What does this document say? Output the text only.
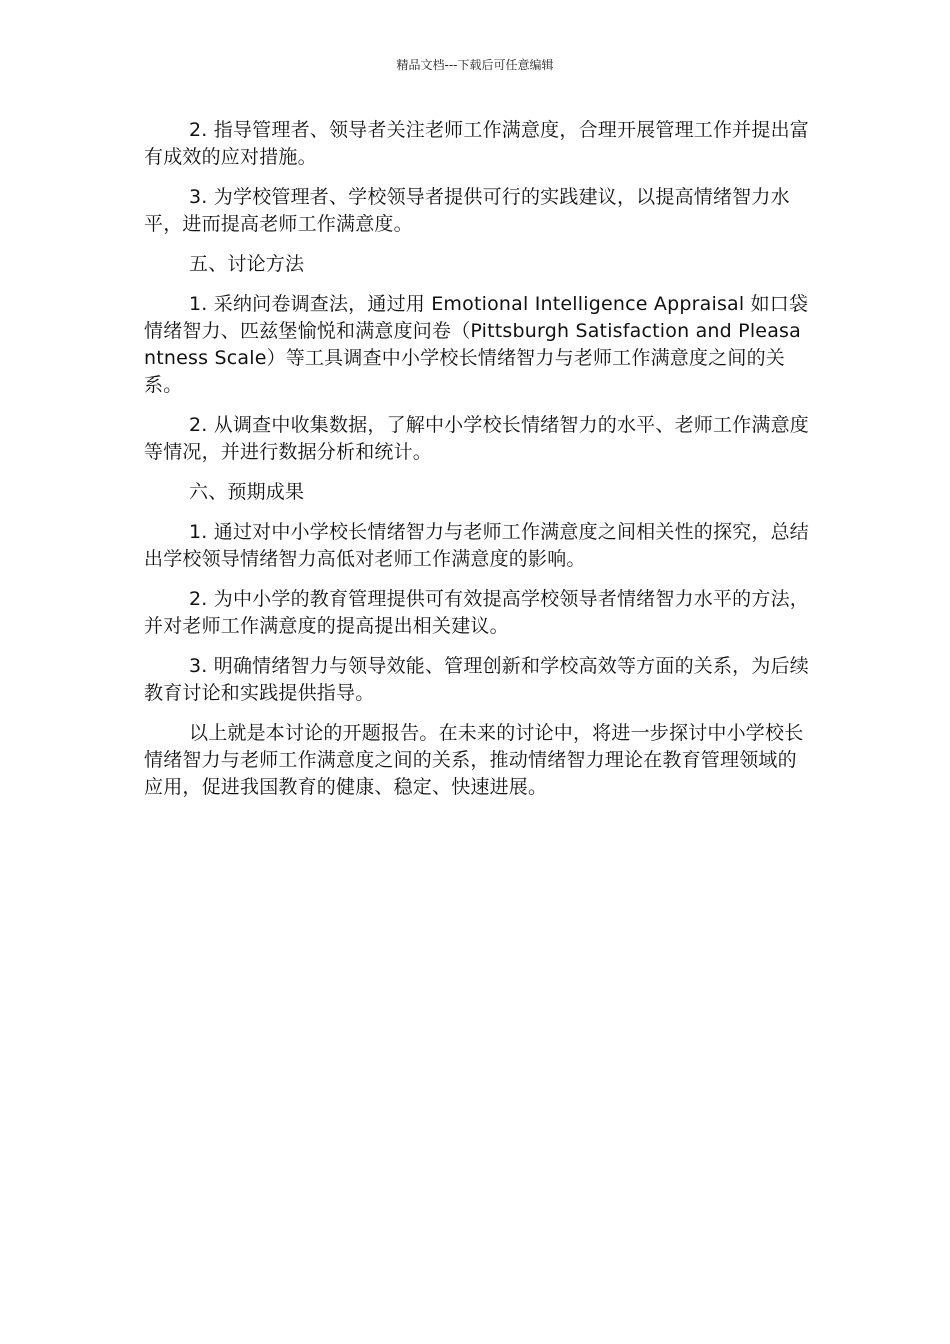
精品文档---下载后可任意编辑

2. 指导管理者、领导者关注老师工作满意度，合理开展管理工作并提出富有成效的应对措施。

3. 为学校管理者、学校领导者提供可行的实践建议，以提高情绪智力水平，进而提高老师工作满意度。

五、讨论方法

1. 采纳问卷调查法，通过用 Emotional Intelligence Appraisal 如口袋情绪智力、匹兹堡愉悦和满意度问卷（Pittsburgh Satisfaction and Pleasantness Scale）等工具调查中小学校长情绪智力与老师工作满意度之间的关系。

2. 从调查中收集数据，了解中小学校长情绪智力的水平、老师工作满意度等情况，并进行数据分析和统计。

六、预期成果

1. 通过对中小学校长情绪智力与老师工作满意度之间相关性的探究，总结出学校领导情绪智力高低对老师工作满意度的影响。

2. 为中小学的教育管理提供可有效提高学校领导者情绪智力水平的方法，并对老师工作满意度的提高提出相关建议。

3. 明确情绪智力与领导效能、管理创新和学校高效等方面的关系，为后续教育讨论和实践提供指导。

以上就是本讨论的开题报告。在未来的讨论中，将进一步探讨中小学校长情绪智力与老师工作满意度之间的关系，推动情绪智力理论在教育管理领域的应用，促进我国教育的健康、稳定、快速进展。
